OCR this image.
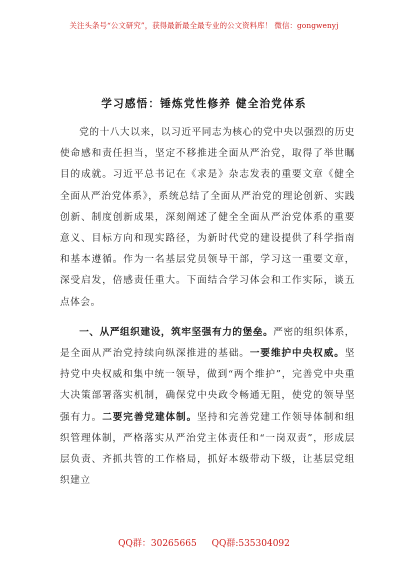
关注头条号“公文研究”，获得最新最全最专业的公文资料库！ 微信：gongwenyj
学习感悟：锤炼党性修养 健全治党体系

党的十八大以来，以习近平同志为核心的党中央以强烈的历史使命感和责任担当，坚定不移推进全面从严治党，取得了举世瞩目的成就。习近平总书记在《求是》杂志发表的重要文章《健全全面从严治党体系》，系统总结了全面从严治党的理论创新、实践创新、制度创新成果，深刻阐述了健全全面从严治党体系的重要意义、目标方向和现实路径，为新时代党的建设提供了科学指南和基本遵循。作为一名基层党员领导干部，学习这一重要文章，深受启发，倍感责任重大。下面结合学习体会和工作实际，谈五点体会。

一、从严组织建设，筑牢坚强有力的堡垒。严密的组织体系，是全面从严治党持续向纵深推进的基础。一要维护中央权威。坚持党中央权威和集中统一领导，做到“两个维护”，完善党中央重大决策部署落实机制，确保党中央政令畅通无阻，使党的领导坚强有力。二要完善党建体制。坚持和完善党建工作领导体制和组织管理体制，严格落实从严治党主体责任和“一岗双责”，形成层层负责、齐抓共管的工作格局，抓好本级带动下级，让基层党组织建立

QQ群：30265665 QQ群:535304092
